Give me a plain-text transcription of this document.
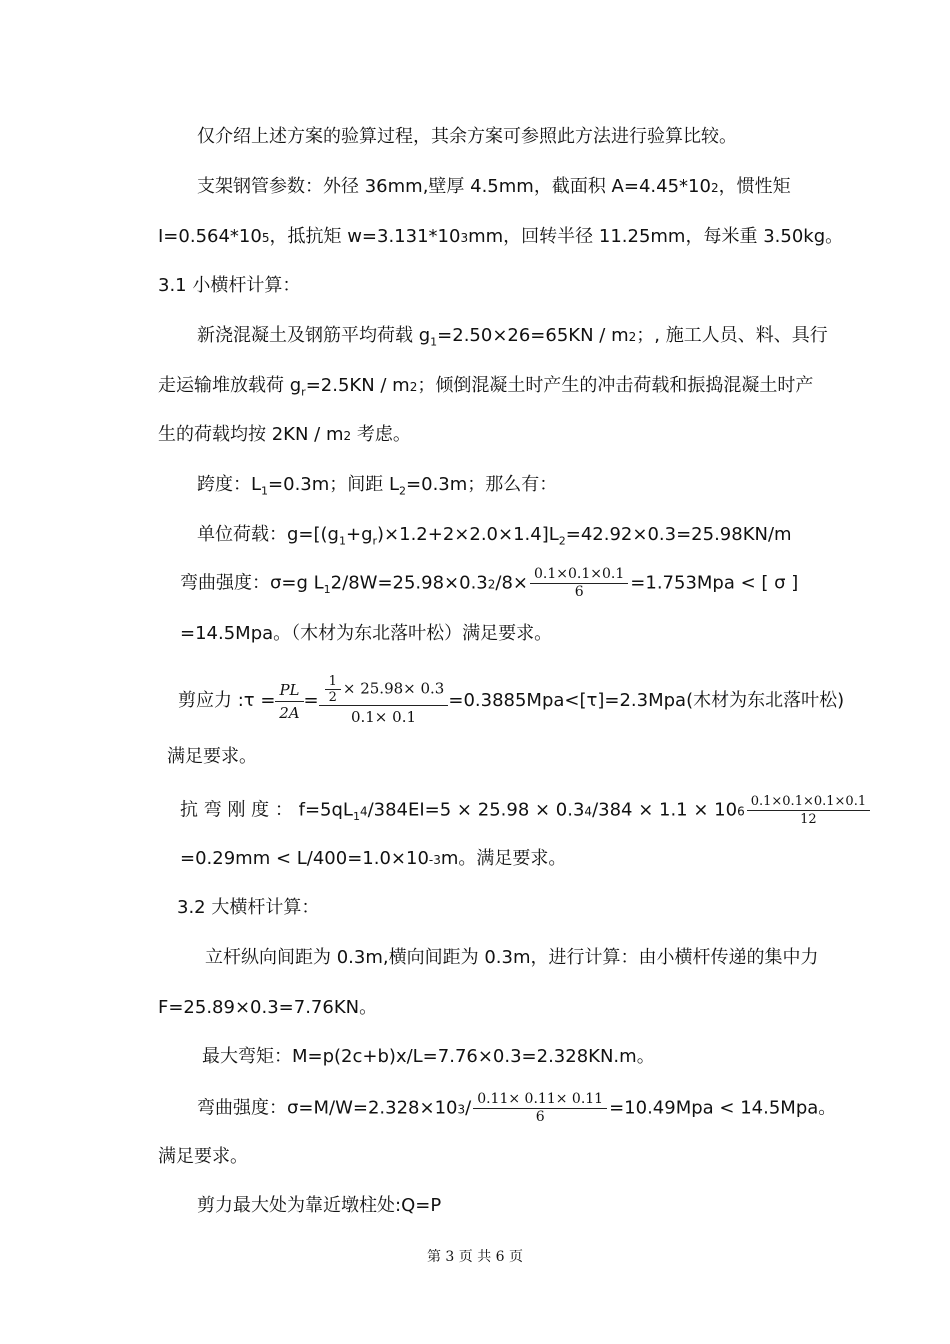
仅介绍上述方案的验算过程，其余方案可参照此方法进行验算比较。
支架钢管参数：外径 36mm,壁厚 4.5mm，截面积 A=4.45*102，惯性矩
I=0.564*105，抵抗矩 w=3.131*103mm，回转半径 11.25mm，每米重 3.50kg。
3.1 小横杆计算：
新浇混凝土及钢筋平均荷载 $g_1=2.50\times 26=65KN / m2$；, 施工人员、料、具行
走运输堆放载荷 $g_r=2.5KN / m2$；倾倒混凝土时产生的冲击荷载和振捣混凝土时产
生的荷载均按 2KN / m2 考虑。
跨度：$L_1=0.3m$；间距 $L_2=0.3m$；那么有：
单位荷载：$g=[(g_1+g_r)\times 1.2+2\times 2.0\times 1.4]L_2=42.92\times 0.3=25.98KN/m$
弯曲强度：σ=g $L_12/8W=25.98\times 0.32/8\times \frac{0.1\times 0.1\times 0.1}{6} =1.753Mpa$ < [ σ ]
=14.5Mpa。（木材为东北落叶松）满足要求。
剪应力 :τ = $\frac{PL}{2A} = \frac{\frac{1}{2} \times 25.98\times 0.3}{0.1\times 0.1} =0.3885Mpa<[\tau]=2.3Mpa$(木材为东北落叶松)
满足要求。
抗 弯 刚 度 ： $f=5qL_14/384EI=5 \times 25.98 \times 0.34/384 \times 1.1 \times 106 \frac{0.1\times 0.1\times 0.1\times 0.1}{12}$
=0.29mm < L/400=1.0×10-3m。满足要求。
3.2 大横杆计算：
立杆纵向间距为 0.3m,横向间距为 0.3m，进行计算：由小横杆传递的集中力
F=25.89×0.3=7.76KN。
最大弯矩：M=p(2c+b)x/L=7.76×0.3=2.328KN.m。
弯曲强度：$\sigma=M/W=2.328\times 103/ \frac{0.11\times 0.11\times 0.11}{6} =10.49Mpa < 14.5Mpa$。
满足要求。
剪力最大处为靠近墩柱处:Q=P
第 3 页 共 6 页
